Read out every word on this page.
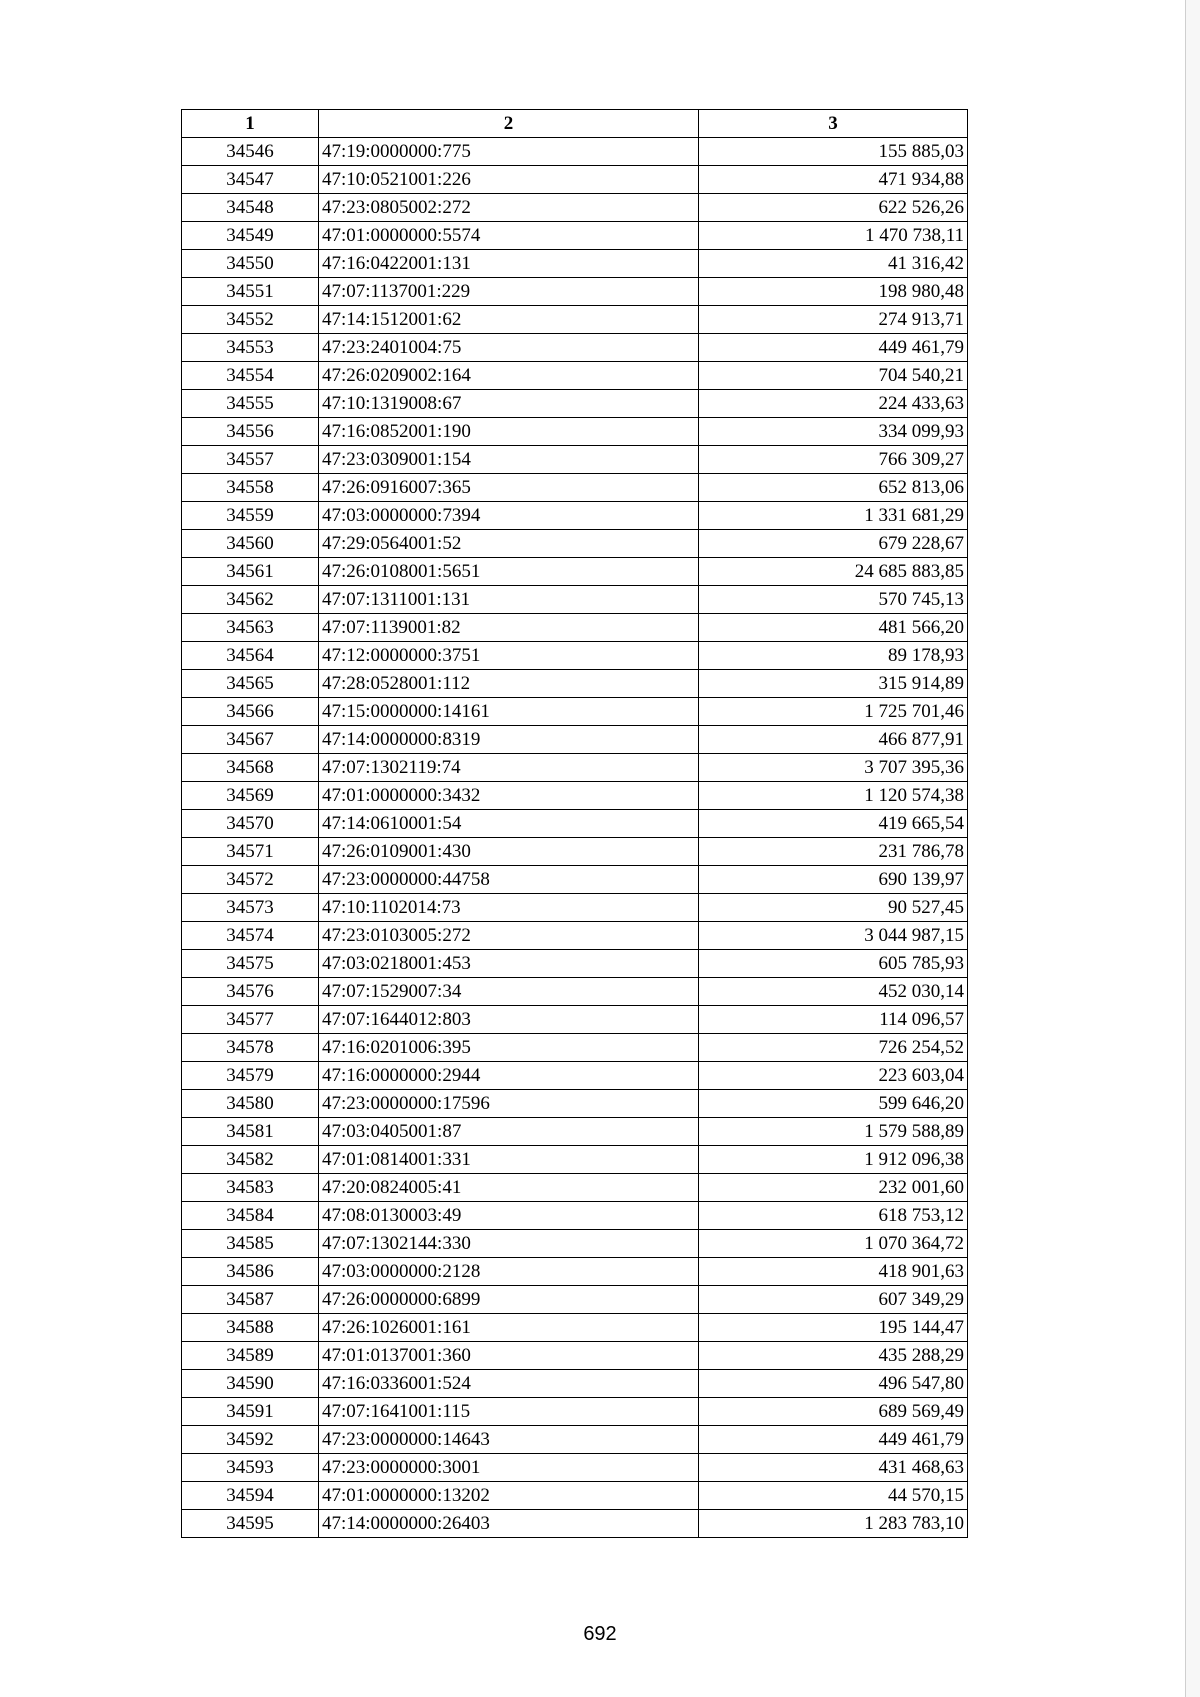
1	2	3
34546	47:19:0000000:775	155 885,03
34547	47:10:0521001:226	471 934,88
34548	47:23:0805002:272	622 526,26
34549	47:01:0000000:5574	1 470 738,11
34550	47:16:0422001:131	41 316,42
34551	47:07:1137001:229	198 980,48
34552	47:14:1512001:62	274 913,71
34553	47:23:2401004:75	449 461,79
34554	47:26:0209002:164	704 540,21
34555	47:10:1319008:67	224 433,63
34556	47:16:0852001:190	334 099,93
34557	47:23:0309001:154	766 309,27
34558	47:26:0916007:365	652 813,06
34559	47:03:0000000:7394	1 331 681,29
34560	47:29:0564001:52	679 228,67
34561	47:26:0108001:5651	24 685 883,85
34562	47:07:1311001:131	570 745,13
34563	47:07:1139001:82	481 566,20
34564	47:12:0000000:3751	89 178,93
34565	47:28:0528001:112	315 914,89
34566	47:15:0000000:14161	1 725 701,46
34567	47:14:0000000:8319	466 877,91
34568	47:07:1302119:74	3 707 395,36
34569	47:01:0000000:3432	1 120 574,38
34570	47:14:0610001:54	419 665,54
34571	47:26:0109001:430	231 786,78
34572	47:23:0000000:44758	690 139,97
34573	47:10:1102014:73	90 527,45
34574	47:23:0103005:272	3 044 987,15
34575	47:03:0218001:453	605 785,93
34576	47:07:1529007:34	452 030,14
34577	47:07:1644012:803	114 096,57
34578	47:16:0201006:395	726 254,52
34579	47:16:0000000:2944	223 603,04
34580	47:23:0000000:17596	599 646,20
34581	47:03:0405001:87	1 579 588,89
34582	47:01:0814001:331	1 912 096,38
34583	47:20:0824005:41	232 001,60
34584	47:08:0130003:49	618 753,12
34585	47:07:1302144:330	1 070 364,72
34586	47:03:0000000:2128	418 901,63
34587	47:26:0000000:6899	607 349,29
34588	47:26:1026001:161	195 144,47
34589	47:01:0137001:360	435 288,29
34590	47:16:0336001:524	496 547,80
34591	47:07:1641001:115	689 569,49
34592	47:23:0000000:14643	449 461,79
34593	47:23:0000000:3001	431 468,63
34594	47:01:0000000:13202	44 570,15
34595	47:14:0000000:26403	1 283 783,10
692
